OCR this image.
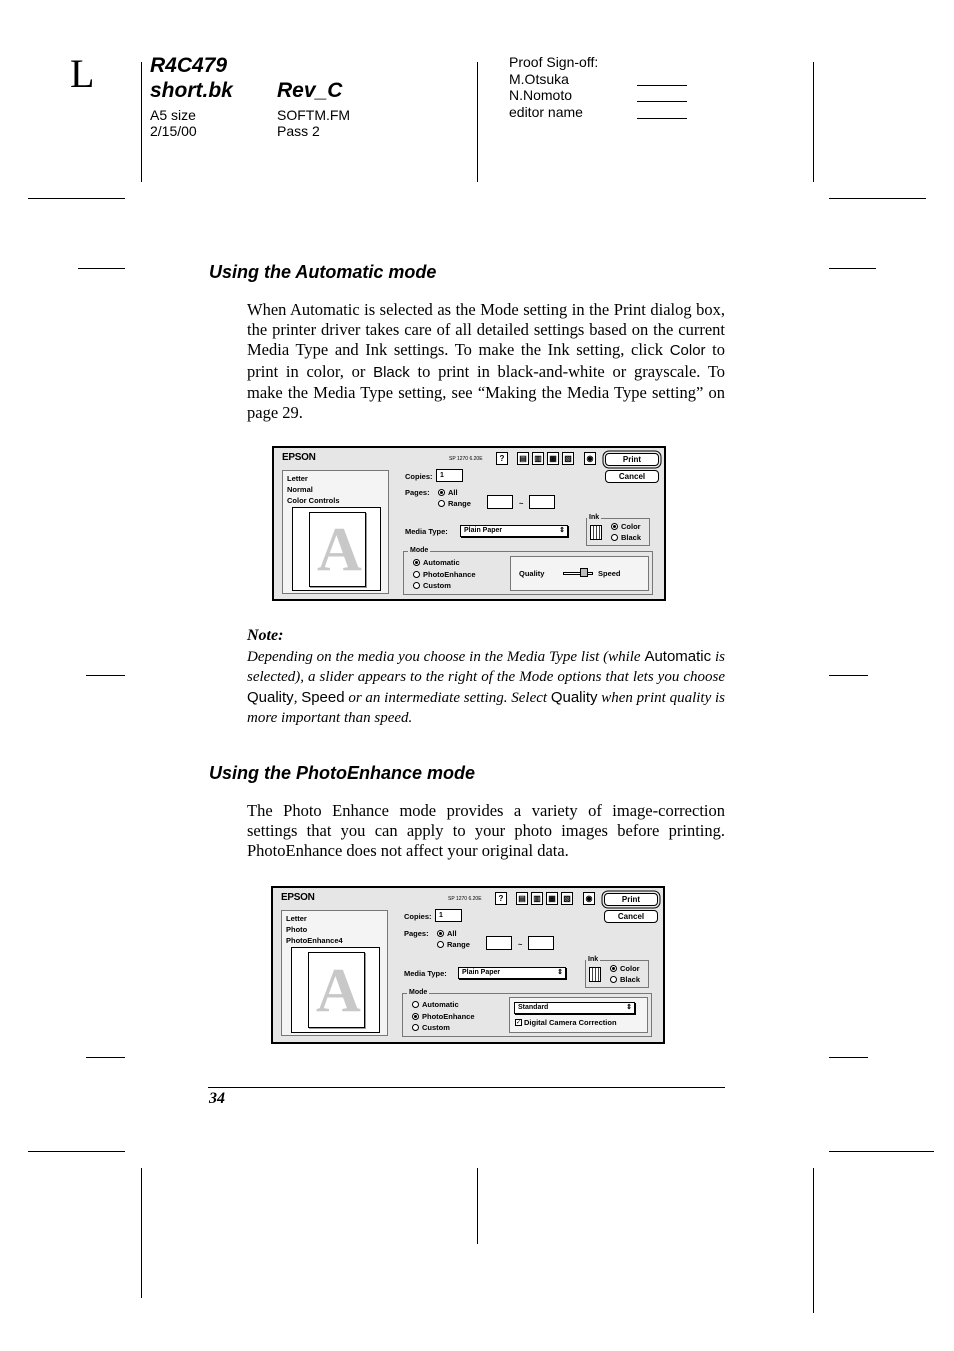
L	R4C479
short.bk Rev_C
A5 size
2/15/00
SOFTM.FM
Pass 2
Proof Sign-off:
M.Otsuka
N.Nomoto
editor name
Using the Automatic mode

When Automatic is selected as the Mode setting in the Print dialog box, the printer driver takes care of all detailed settings based on the current Media Type and Ink settings. To make the Ink setting, click Color to print in color, or Black to print in black-and-white or grayscale. To make the Media Type setting, see “Making the Media Type setting” on page 29.

EPSON	SP 1270 6.20E	?	▤ ▥ ▦ ▧	◉	Print
Cancel
Letter
Normal
Color Controls
A
Copies:	1
Pages: All
Range	~
Media Type:	Plain Paper	⇕
Ink
Color
Black
Mode
Automatic
PhotoEnhance
Custom
Quality	Speed
Note:

Depending on the media you choose in the Media Type list (while Automatic is selected), a slider appears to the right of the Mode options that lets you choose Quality, Speed or an intermediate setting. Select Quality when print quality is more important than speed.

Using the PhotoEnhance mode

The Photo Enhance mode provides a variety of image-correction settings that you can apply to your photo images before printing. PhotoEnhance does not affect your original data.

EPSON	SP 1270 6.20E	?	▤ ▥ ▦ ▧	◉	Print
Cancel
Letter
Photo
PhotoEnhance4
A
Copies:	1
Pages: All
Range	~
Media Type:	Plain Paper	⇕
Ink
Color
Black
Mode
Automatic
PhotoEnhance
Custom
Standard	⇕
✓ Digital Camera Correction
34
